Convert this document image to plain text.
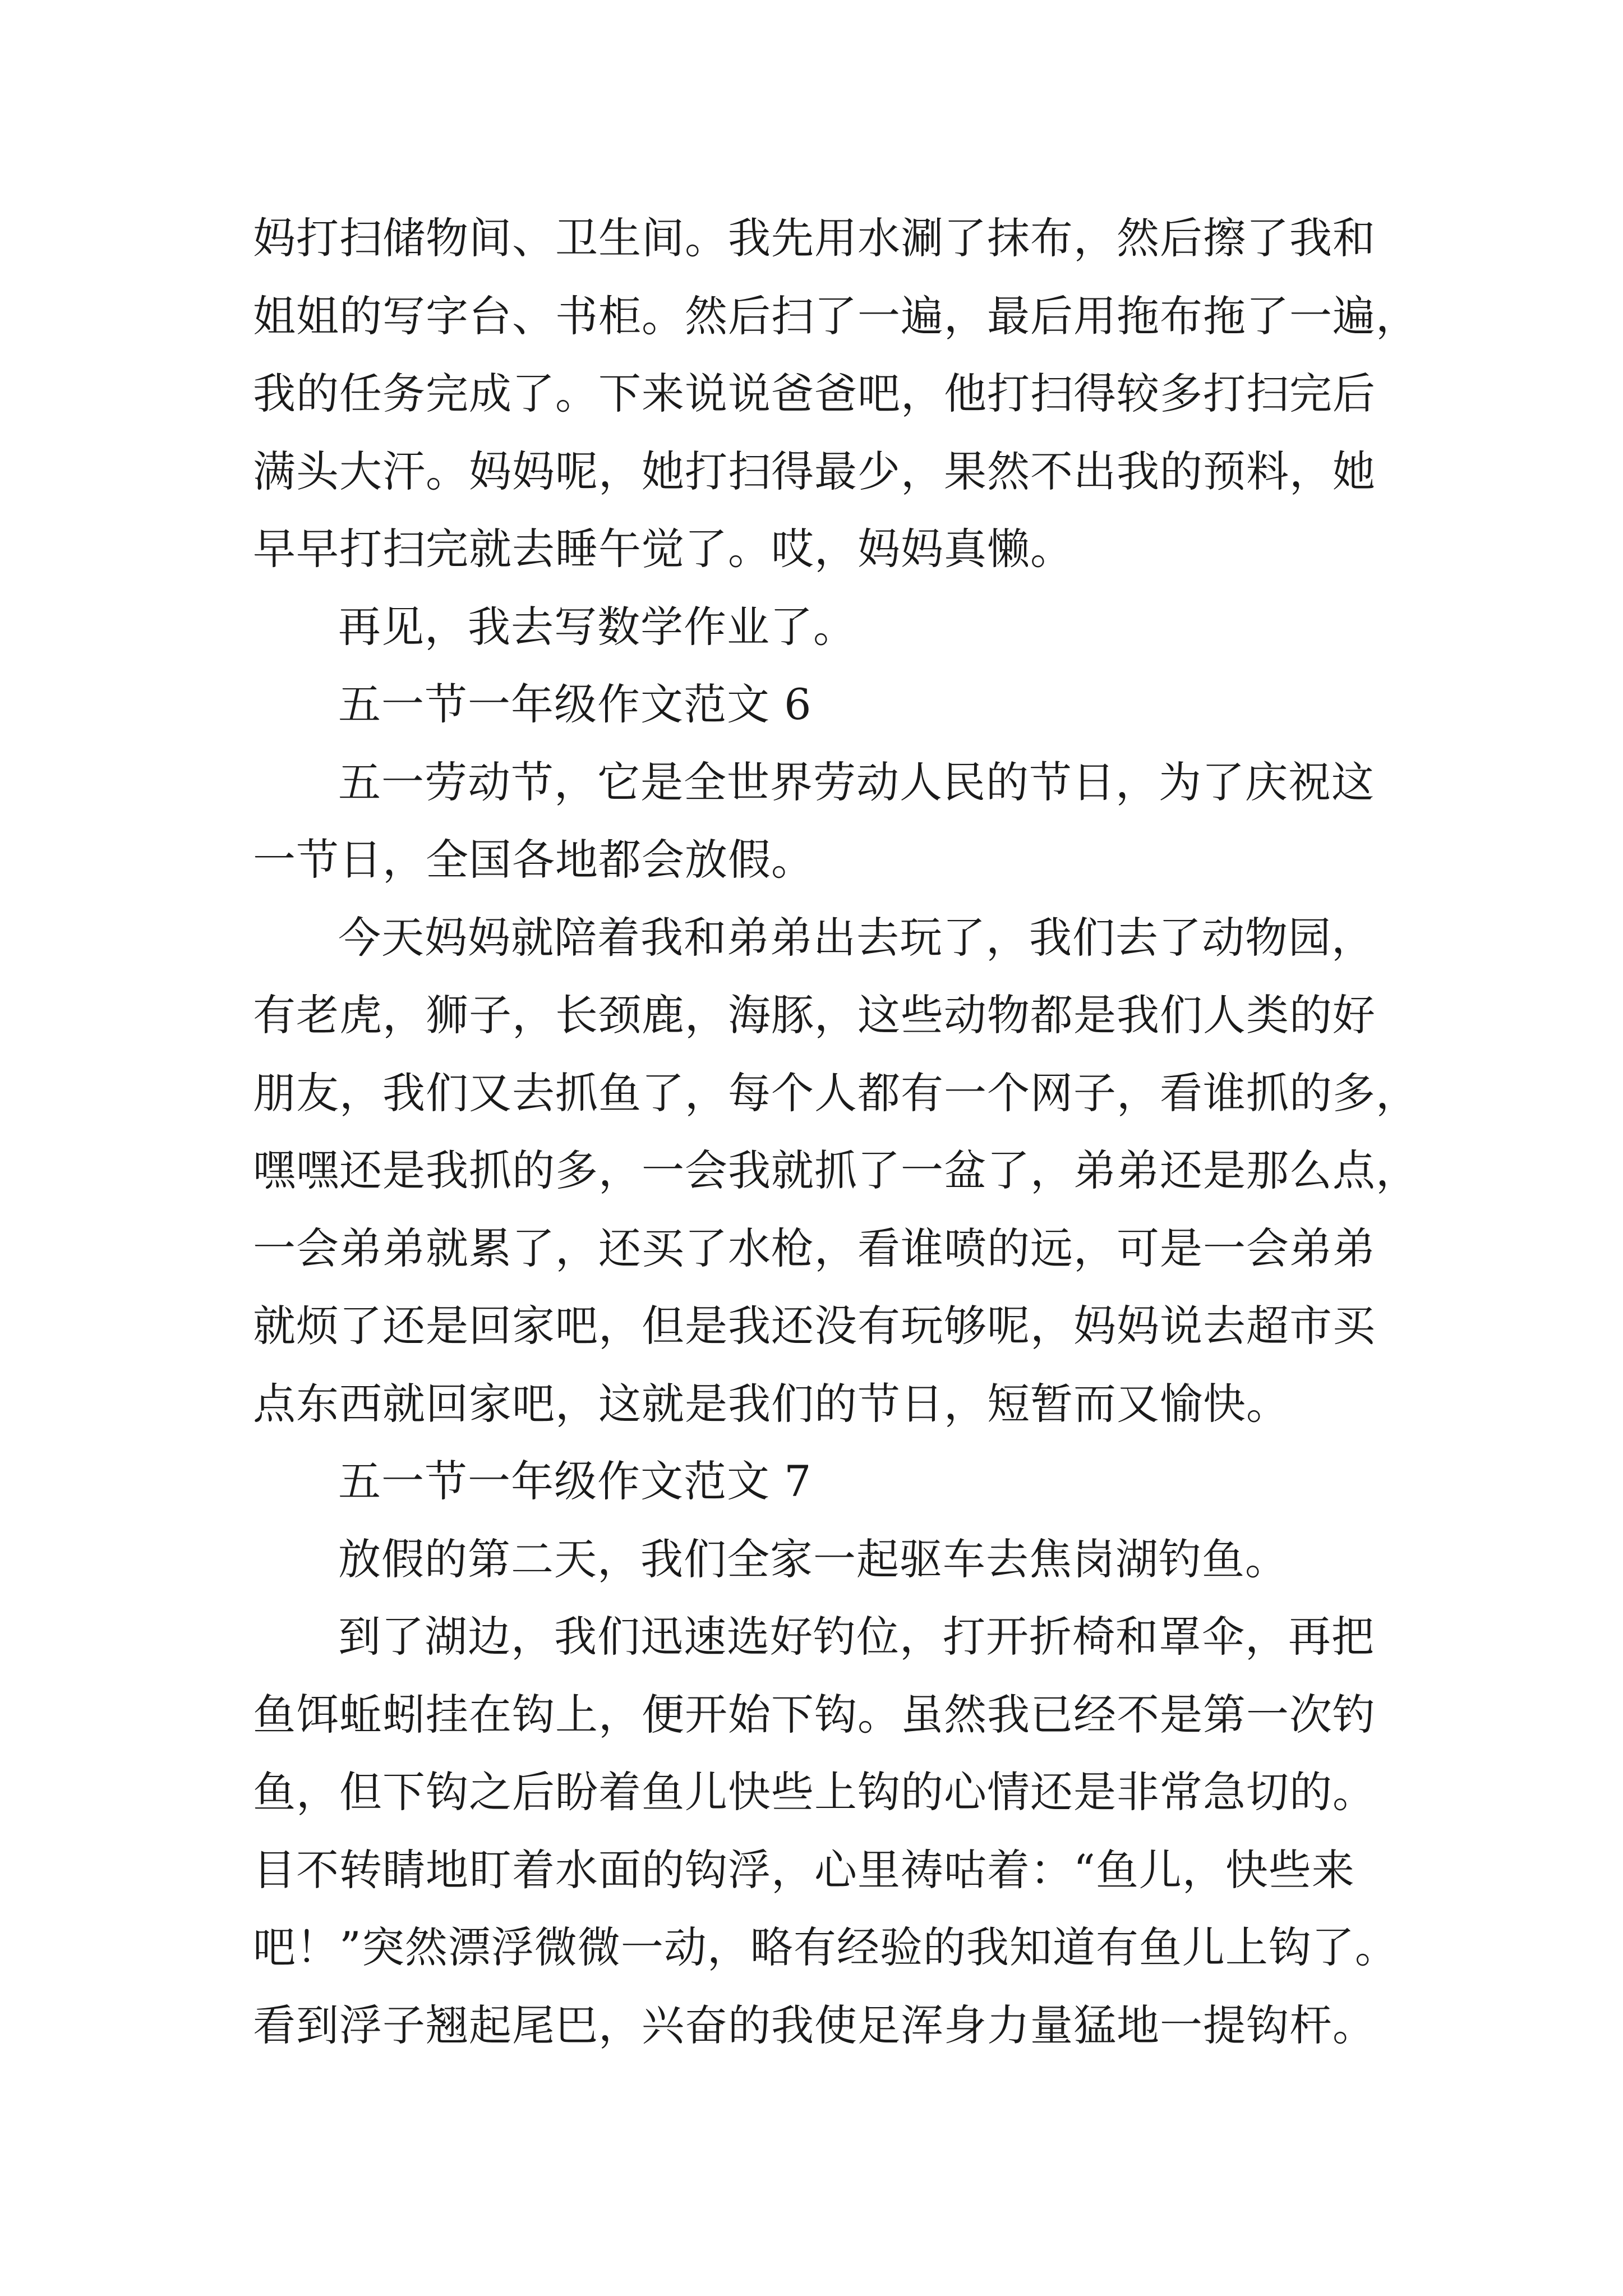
妈打扫储物间、卫生间。我先用水涮了抹布，然后擦了我和
姐姐的写字台、书柜。然后扫了一遍，最后用拖布拖了一遍，
我的任务完成了。下来说说爸爸吧，他打扫得较多打扫完后
满头大汗。妈妈呢，她打扫得最少，果然不出我的预料，她
早早打扫完就去睡午觉了。哎，妈妈真懒。
再见，我去写数学作业了。
五一节一年级作文范文 6
五一劳动节，它是全世界劳动人民的节日，为了庆祝这
一节日，全国各地都会放假。
今天妈妈就陪着我和弟弟出去玩了，我们去了动物园，
有老虎，狮子，长颈鹿，海豚，这些动物都是我们人类的好
朋友，我们又去抓鱼了，每个人都有一个网子，看谁抓的多，
嘿嘿还是我抓的多，一会我就抓了一盆了，弟弟还是那么点，
一会弟弟就累了，还买了水枪，看谁喷的远，可是一会弟弟
就烦了还是回家吧，但是我还没有玩够呢，妈妈说去超市买
点东西就回家吧，这就是我们的节日，短暂而又愉快。
五一节一年级作文范文 7
放假的第二天，我们全家一起驱车去焦岗湖钓鱼。
到了湖边，我们迅速选好钓位，打开折椅和罩伞，再把
鱼饵蚯蚓挂在钩上，便开始下钩。虽然我已经不是第一次钓
鱼，但下钩之后盼着鱼儿快些上钩的心情还是非常急切的。
目不转睛地盯着水面的钩浮，心里祷咕着：“鱼儿，快些来
吧！”突然漂浮微微一动，略有经验的我知道有鱼儿上钩了。
看到浮子翘起尾巴，兴奋的我使足浑身力量猛地一提钩杆。
